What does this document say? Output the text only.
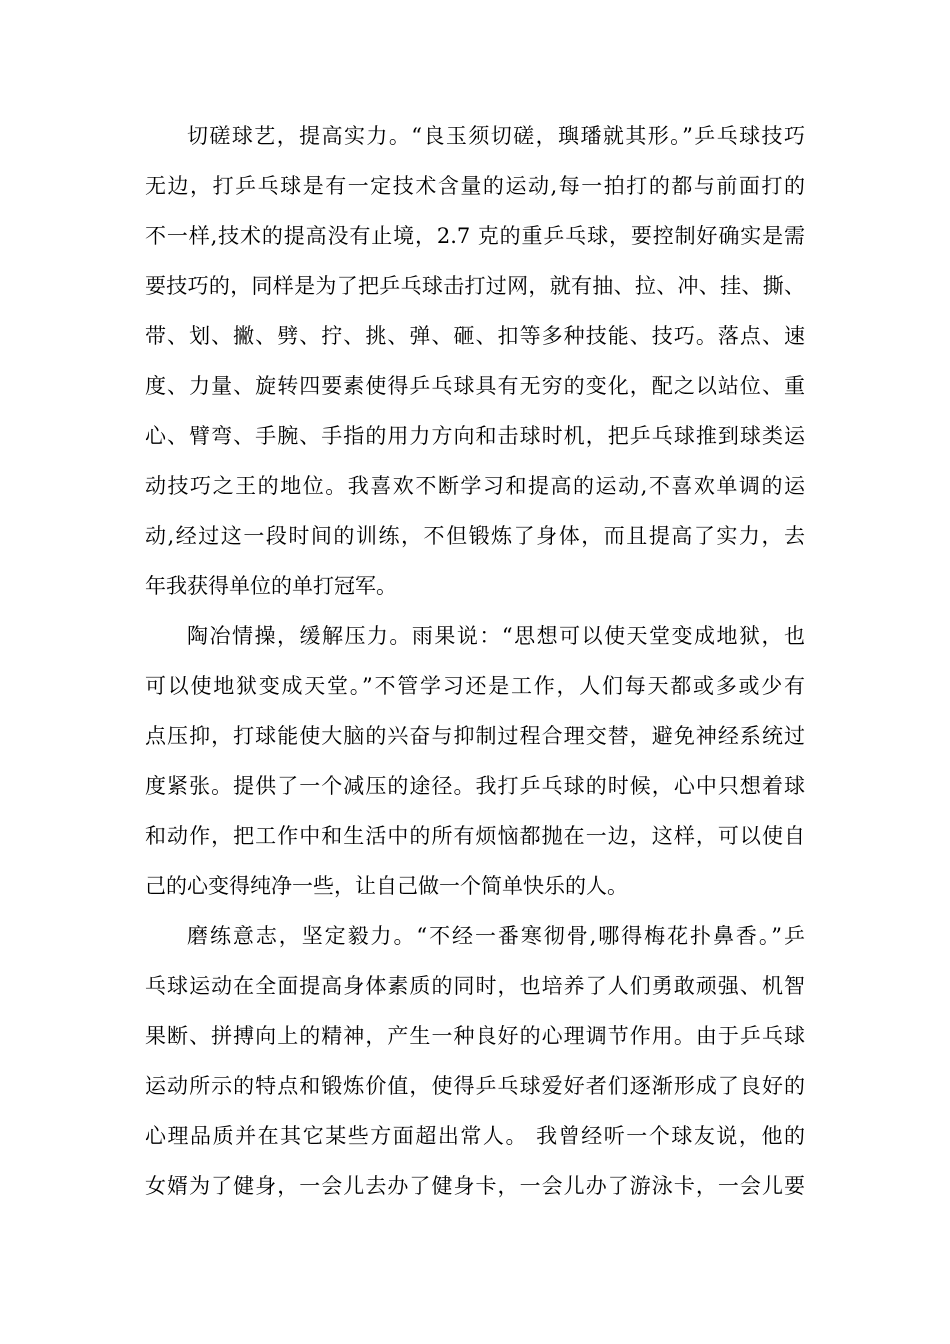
切磋球艺，提高实力。“良玉须切磋，璵璠就其形。”乒乓球技巧
无边，打乒乓球是有一定技术含量的运动,每一拍打的都与前面打的
不一样,技术的提高没有止境，2.7 克的重乒乓球，要控制好确实是需
要技巧的，同样是为了把乒乓球击打过网，就有抽、拉、冲、挂、撕、
带、划、撇、劈、拧、挑、弹、砸、扣等多种技能、技巧。落点、速
度、力量、旋转四要素使得乒乓球具有无穷的变化，配之以站位、重
心、臂弯、手腕、手指的用力方向和击球时机，把乒乓球推到球类运
动技巧之王的地位。我喜欢不断学习和提高的运动,不喜欢单调的运
动,经过这一段时间的训练，不但锻炼了身体，而且提高了实力，去
年我获得单位的单打冠军。
陶冶情操，缓解压力。雨果说：“思想可以使天堂变成地狱，也
可以使地狱变成天堂。”不管学习还是工作，人们每天都或多或少有
点压抑，打球能使大脑的兴奋与抑制过程合理交替，避免神经系统过
度紧张。提供了一个减压的途径。我打乒乓球的时候，心中只想着球
和动作，把工作中和生活中的所有烦恼都抛在一边，这样，可以使自
己的心变得纯净一些，让自己做一个简单快乐的人。
磨练意志，坚定毅力。“不经一番寒彻骨,哪得梅花扑鼻香。”乒
乓球运动在全面提高身体素质的同时，也培养了人们勇敢顽强、机智
果断、拼搏向上的精神，产生一种良好的心理调节作用。由于乒乓球
运动所示的特点和锻炼价值，使得乒乓球爱好者们逐渐形成了良好的
心理品质并在其它某些方面超出常人。 我曾经听一个球友说，他的
女婿为了健身，一会儿去办了健身卡，一会儿办了游泳卡，一会儿要
